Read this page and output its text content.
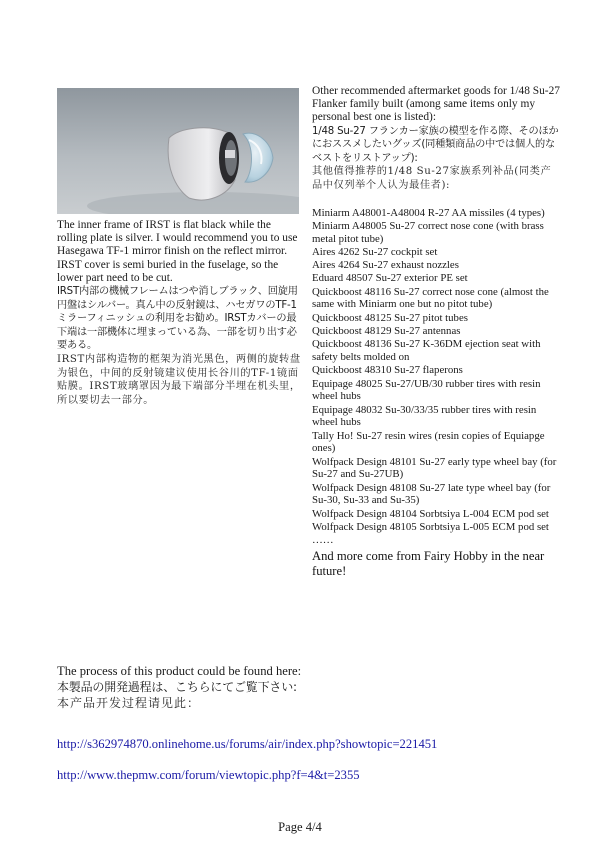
The inner frame of IRST is flat black while the rolling plate is silver. I would recommend you to use Hasegawa TF-1 mirror finish on the reflect mirror. IRST cover is semi buried in the fuselage, so the lower part need to be cut.

IRST内部の機械フレームはつや消しブラック、回旋用円盤はシルバー。真ん中の反射鏡は、ハセガワのTF-1ミラーフィニッシュの利用をお勧め。IRSTカバーの最下端は一部機体に埋まっている為、一部を切り出す必要ある。

IRST内部构造物的框架为消光黑色，两侧的旋转盘为银色，中间的反射镜建议使用长谷川的TF-1镜面贴膜。IRST玻璃罩因为最下端部分半埋在机头里，所以要切去一部分。

Other recommended aftermarket goods for 1/48 Su-27 Flanker family built (among same items only my personal best one is listed):

1/48 Su-27 フランカー家族の模型を作る際、そのほかにおススメしたいグッズ(同種類商品の中では個人的なベストをリストアップ):

其他值得推荐的1/48 Su-27家族系列补品(同类产品中仅列举个人认为最佳者):

Miniarm A48001-A48004 R-27 AA missiles (4 types)
Miniarm A48005 Su-27 correct nose cone (with brass metal pitot tube)
Aires 4262 Su-27 cockpit set
Aires 4264 Su-27 exhaust nozzles
Eduard 48507 Su-27 exterior PE set
Quickboost 48116 Su-27 correct nose cone (almost the same with Miniarm one but no pitot tube)
Quickboost 48125 Su-27 pitot tubes
Quickboost 48129 Su-27 antennas
Quickboost 48136 Su-27 K-36DM ejection seat with safety belts molded on
Quickboost 48310 Su-27 flaperons
Equipage 48025 Su-27/UB/30 rubber tires with resin wheel hubs
Equipage 48032 Su-30/33/35 rubber tires with resin wheel hubs
Tally Ho! Su-27 resin wires (resin copies of Equiapge ones)
Wolfpack Design 48101 Su-27 early type wheel bay (for Su-27 and Su-27UB)
Wolfpack Design 48108 Su-27 late type wheel bay (for Su-30, Su-33 and Su-35)
Wolfpack Design 48104 Sorbtsiya L-004 ECM pod set
Wolfpack Design 48105 Sorbtsiya L-005 ECM pod set
……

And more come from Fairy Hobby in the near future!

The process of this product could be found here:

本製品の開発過程は、こちらにてご覧下さい:

本产品开发过程请见此：

http://s362974870.onlinehome.us/forums/air/index.php?showtopic=221451
http://www.thepmw.com/forum/viewtopic.php?f=4&t=2355
Page 4/4
